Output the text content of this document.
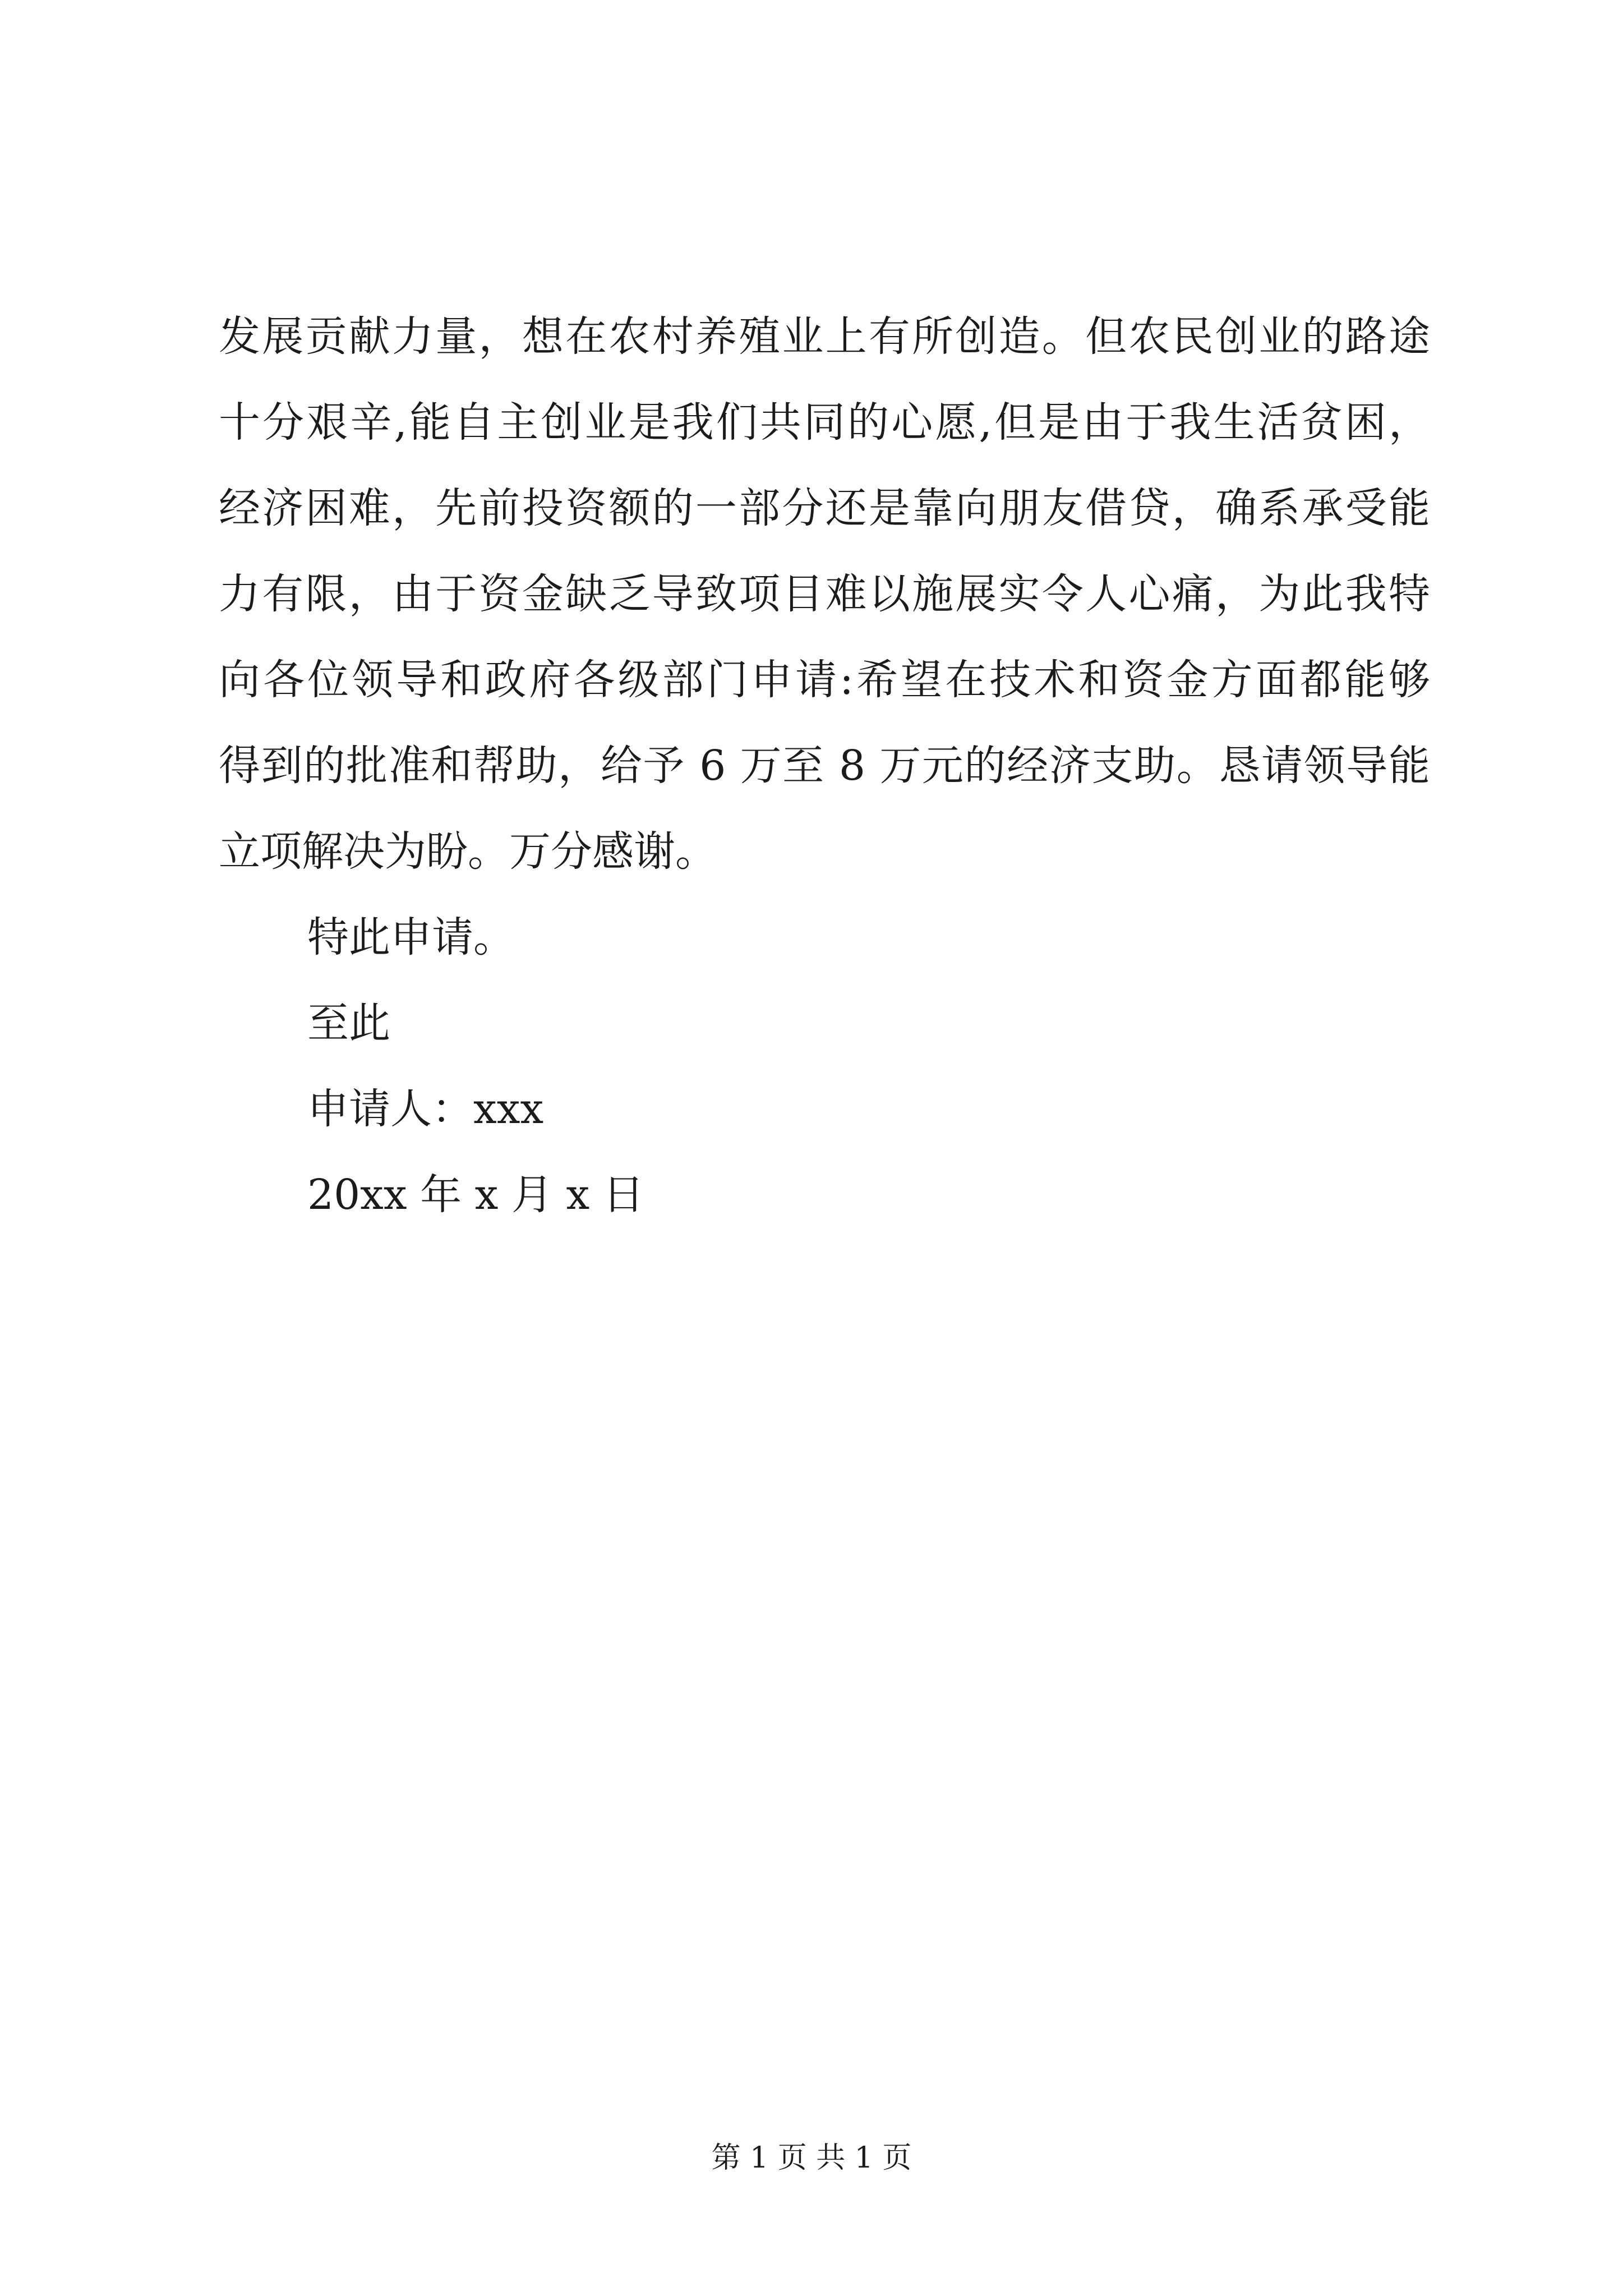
发展贡献力量，想在农村养殖业上有所创造。但农民创业的路途
十分艰辛,能自主创业是我们共同的心愿,但是由于我生活贫困，
经济困难，先前投资额的一部分还是靠向朋友借贷，确系承受能
力有限，由于资金缺乏导致项目难以施展实令人心痛，为此我特
向各位领导和政府各级部门申请:希望在技术和资金方面都能够
得到的批准和帮助，给予 6 万至 8 万元的经济支助。恳请领导能
立项解决为盼。万分感谢。
特此申请。
至此
申请人：xxx
20xx 年 x 月 x 日
第 1 页 共 1 页
